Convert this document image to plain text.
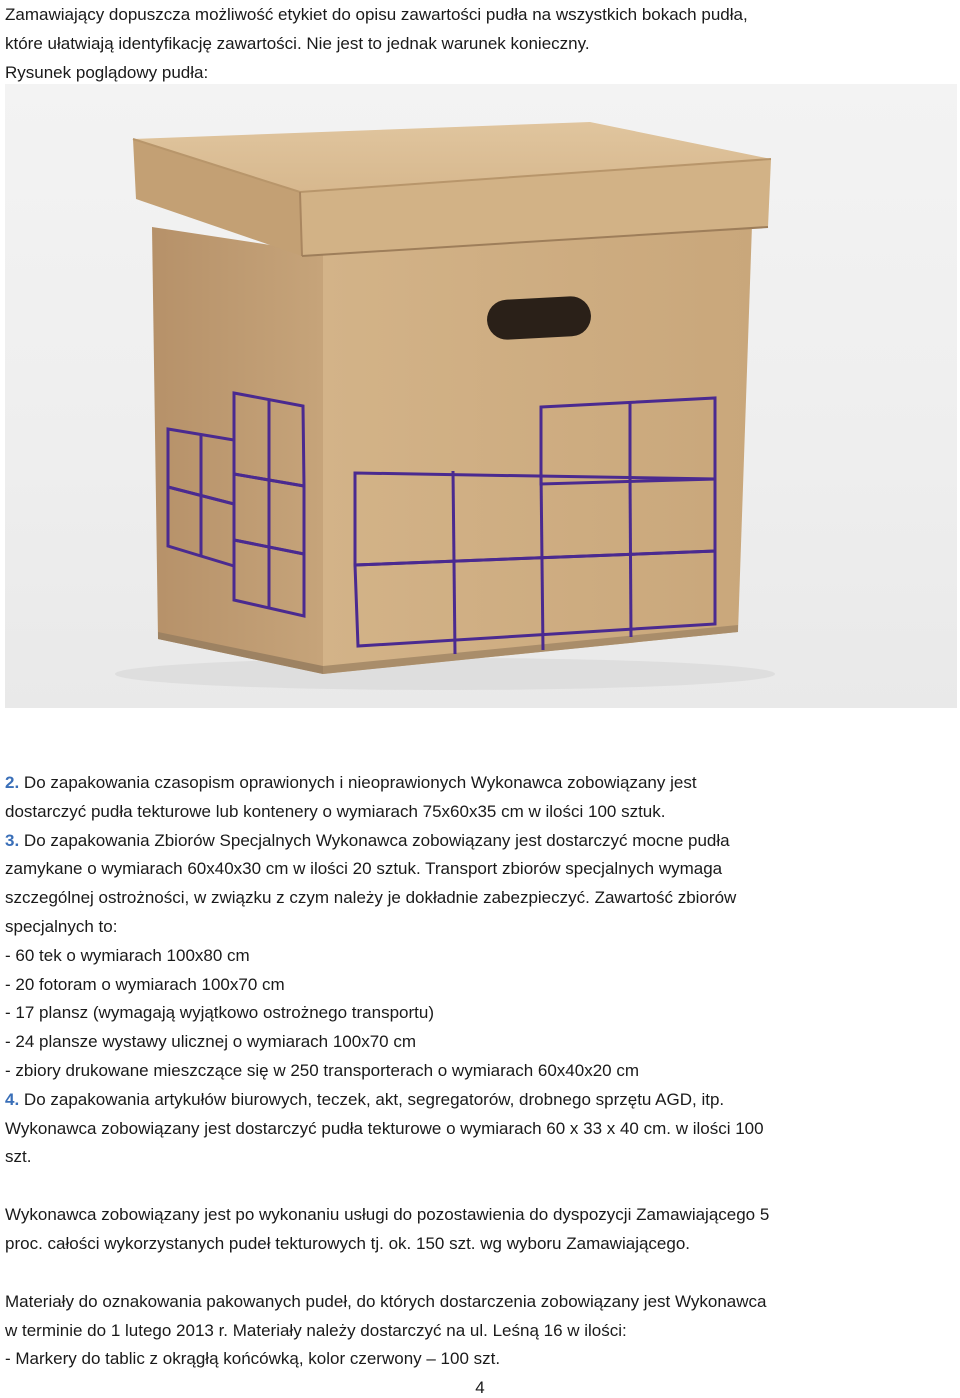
Zamawiający dopuszcza możliwość etykiet do opisu zawartości pudła na wszystkich bokach pudła,

które ułatwiają identyfikację zawartości. Nie jest to jednak warunek konieczny.

Rysunek poglądowy pudła:

2. Do zapakowania czasopism oprawionych i nieoprawionych Wykonawca zobowiązany jest

dostarczyć pudła tekturowe lub kontenery o wymiarach 75x60x35 cm w ilości 100 sztuk.

3. Do zapakowania Zbiorów Specjalnych Wykonawca zobowiązany jest dostarczyć mocne pudła

zamykane o wymiarach 60x40x30 cm w ilości 20 sztuk. Transport zbiorów specjalnych wymaga

szczególnej ostrożności, w związku z czym należy je dokładnie zabezpieczyć. Zawartość zbiorów

specjalnych to:

- 60 tek o wymiarach 100x80 cm

- 20 fotoram o wymiarach 100x70 cm

- 17 plansz (wymagają wyjątkowo ostrożnego transportu)

- 24 plansze wystawy ulicznej o wymiarach 100x70 cm

- zbiory drukowane mieszczące się w 250 transporterach o wymiarach 60x40x20 cm

4. Do zapakowania artykułów biurowych, teczek, akt, segregatorów, drobnego sprzętu AGD, itp.

Wykonawca zobowiązany jest dostarczyć pudła tekturowe o wymiarach 60 x 33 x 40 cm. w ilości 100

szt.

Wykonawca zobowiązany jest po wykonaniu usługi do pozostawienia do dyspozycji Zamawiającego 5

proc. całości wykorzystanych pudeł tekturowych tj. ok. 150 szt. wg wyboru Zamawiającego.

Materiały do oznakowania pakowanych pudeł, do których dostarczenia zobowiązany jest Wykonawca

w terminie do 1 lutego 2013 r. Materiały należy dostarczyć na ul. Leśną 16 w ilości:

- Markery do tablic z okrągłą końcówką, kolor czerwony – 100 szt.

4
